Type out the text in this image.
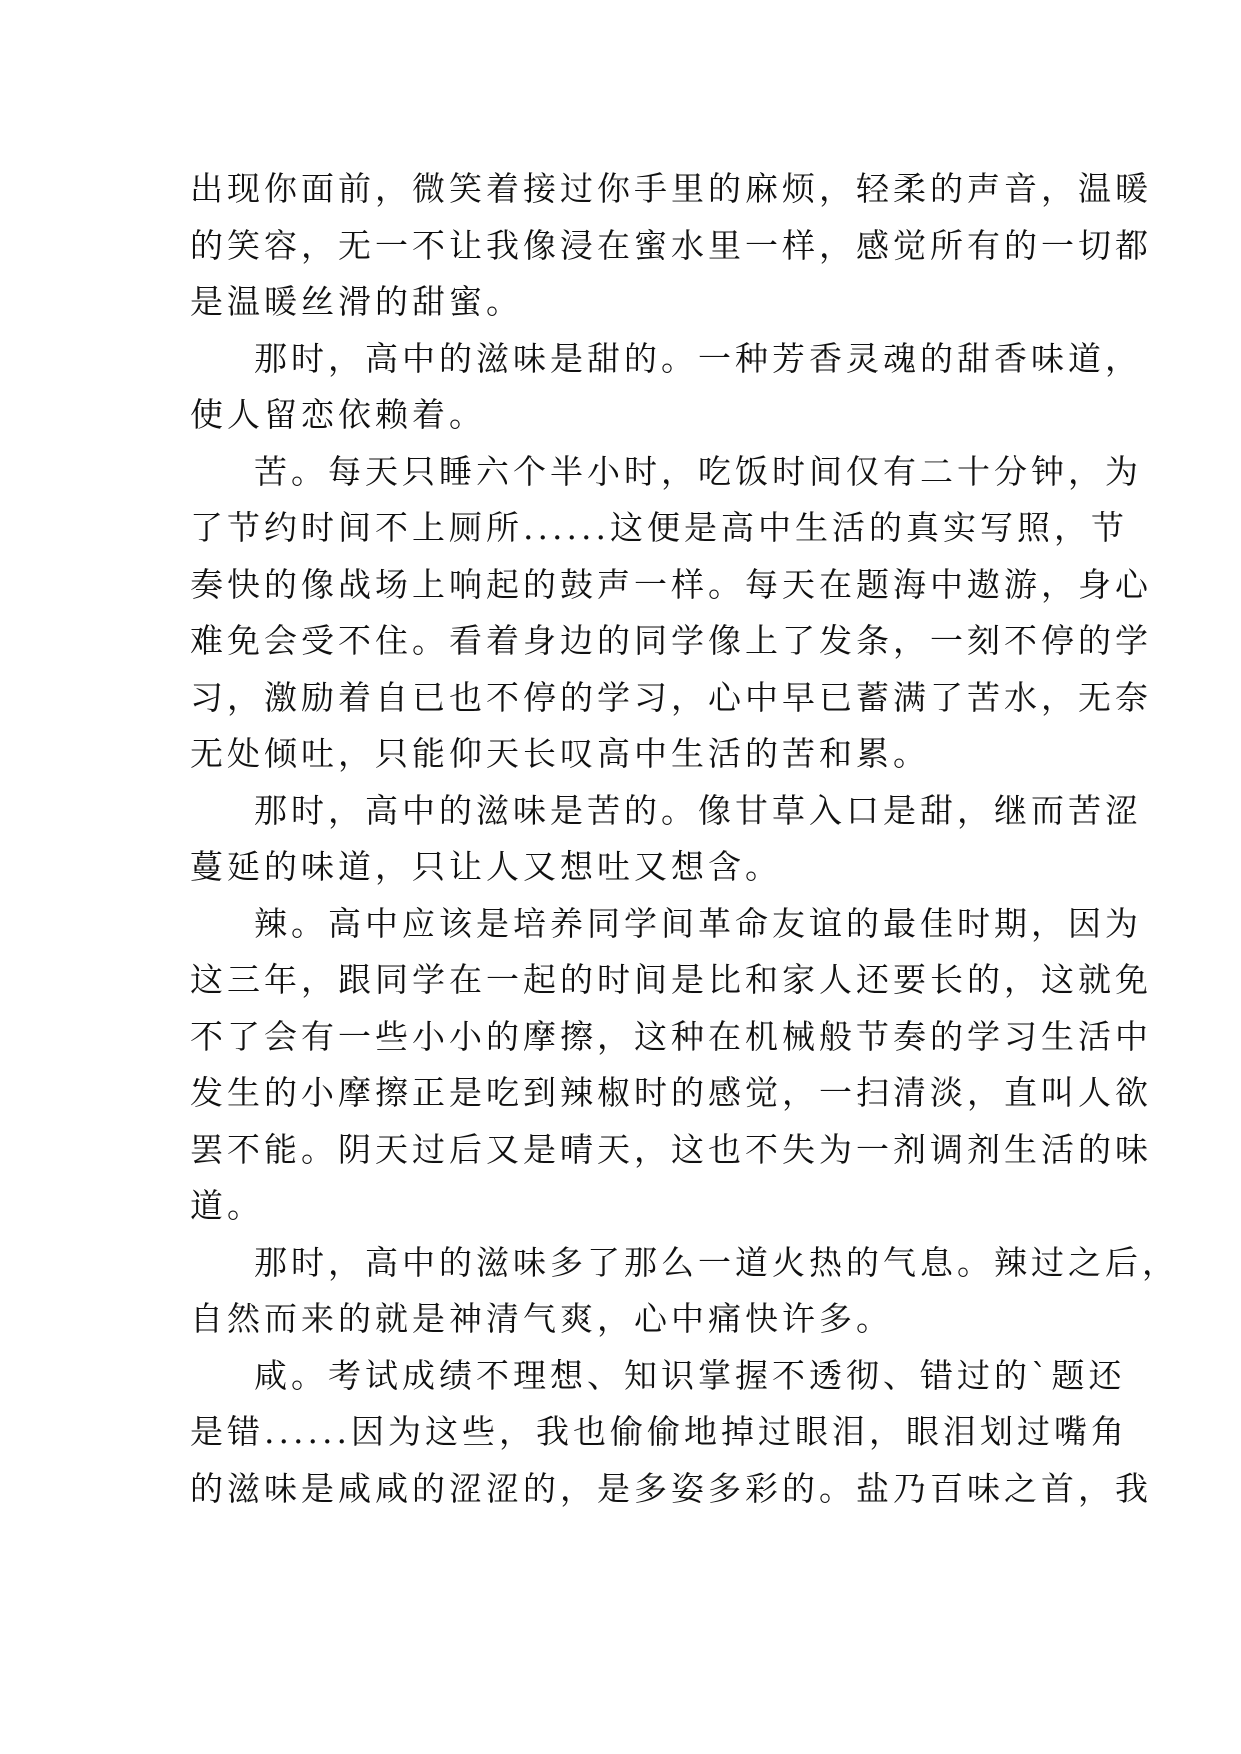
出现你面前，微笑着接过你手里的麻烦，轻柔的声音，温暖
的笑容，无一不让我像浸在蜜水里一样，感觉所有的一切都
是温暖丝滑的甜蜜。
那时，高中的滋味是甜的。一种芳香灵魂的甜香味道，
使人留恋依赖着。
苦。每天只睡六个半小时，吃饭时间仅有二十分钟，为
了节约时间不上厕所......这便是高中生活的真实写照，节
奏快的像战场上响起的鼓声一样。每天在题海中遨游，身心
难免会受不住。看着身边的同学像上了发条，一刻不停的学
习，激励着自已也不停的学习，心中早已蓄满了苦水，无奈
无处倾吐，只能仰天长叹高中生活的苦和累。
那时，高中的滋味是苦的。像甘草入口是甜，继而苦涩
蔓延的味道，只让人又想吐又想含。
辣。高中应该是培养同学间革命友谊的最佳时期，因为
这三年，跟同学在一起的时间是比和家人还要长的，这就免
不了会有一些小小的摩擦，这种在机械般节奏的学习生活中
发生的小摩擦正是吃到辣椒时的感觉，一扫清淡，直叫人欲
罢不能。阴天过后又是晴天，这也不失为一剂调剂生活的味
道。
那时，高中的滋味多了那么一道火热的气息。辣过之后，
自然而来的就是神清气爽，心中痛快许多。
咸。考试成绩不理想、知识掌握不透彻、错过的`题还
是错......因为这些，我也偷偷地掉过眼泪，眼泪划过嘴角
的滋味是咸咸的涩涩的，是多姿多彩的。盐乃百味之首，我
